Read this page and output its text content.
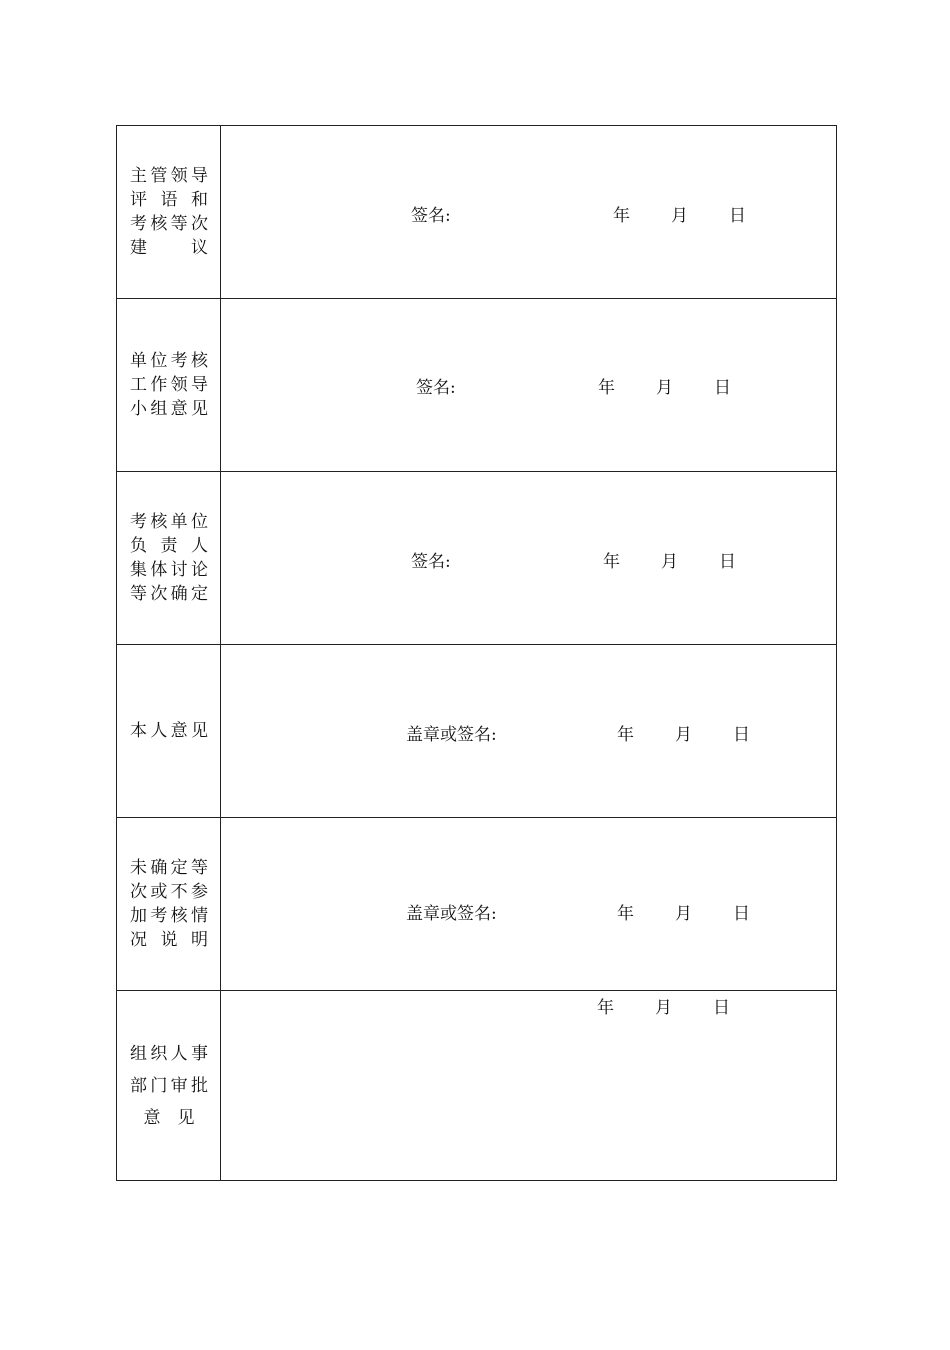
主管领导
评 语 和
考核等次
建　　议	签名: 年 月 日

单位考核
工作领导
小组意见	签名: 年 月 日

考核单位
负 责 人
集体讨论
等次确定	签名: 年 月 日

本人意见	盖章或签名: 年 月 日

未确定等
次或不参
加考核情
况 说 明	盖章或签名: 年 月 日

组织人事
部门审批
意　见	年 月 日
